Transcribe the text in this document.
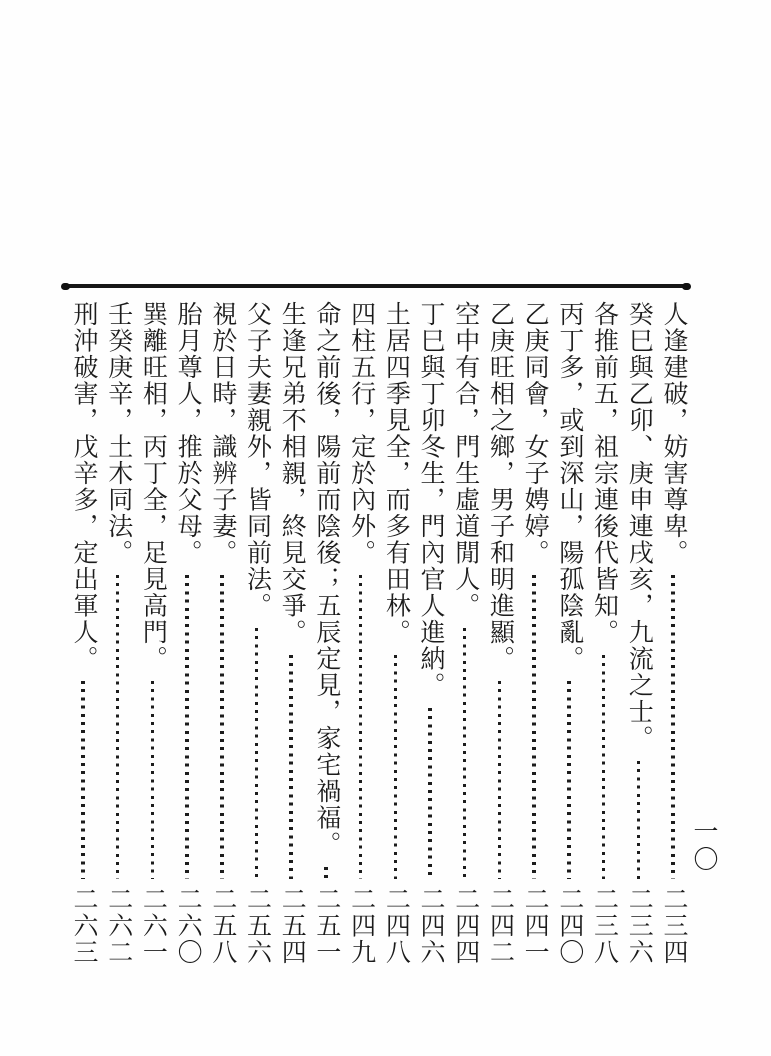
人逢建破，妨害尊卑。
二三四
癸巳與乙卯、庚申連戌亥，九流之士。
二三六
各推前五，祖宗連後代皆知。
二三八
丙丁多，或到深山，陽孤陰亂。
二四〇
乙庚同會，女子娉婷。
二四一
乙庚旺相之鄉，男子和明進顯。
二四二
空中有合，門生虛道閒人。
二四四
丁巳與丁卯冬生，門內官人進納。
二四六
土居四季見全，而多有田林。
二四八
四柱五行，定於內外。
二四九
命之前後，陽前而陰後；五辰定見，家宅禍福。
二五一
生逢兄弟不相親，終見交爭。
二五四
父子夫妻親外，皆同前法。
二五六
視於日時，識辨子妻。
二五八
胎月尊人，推於父母。
二六〇
巽離旺相，丙丁全，足見高門。
二六一
壬癸庚辛，土木同法。
二六二
刑沖破害，戊辛多，定出軍人。
二六三
一〇
